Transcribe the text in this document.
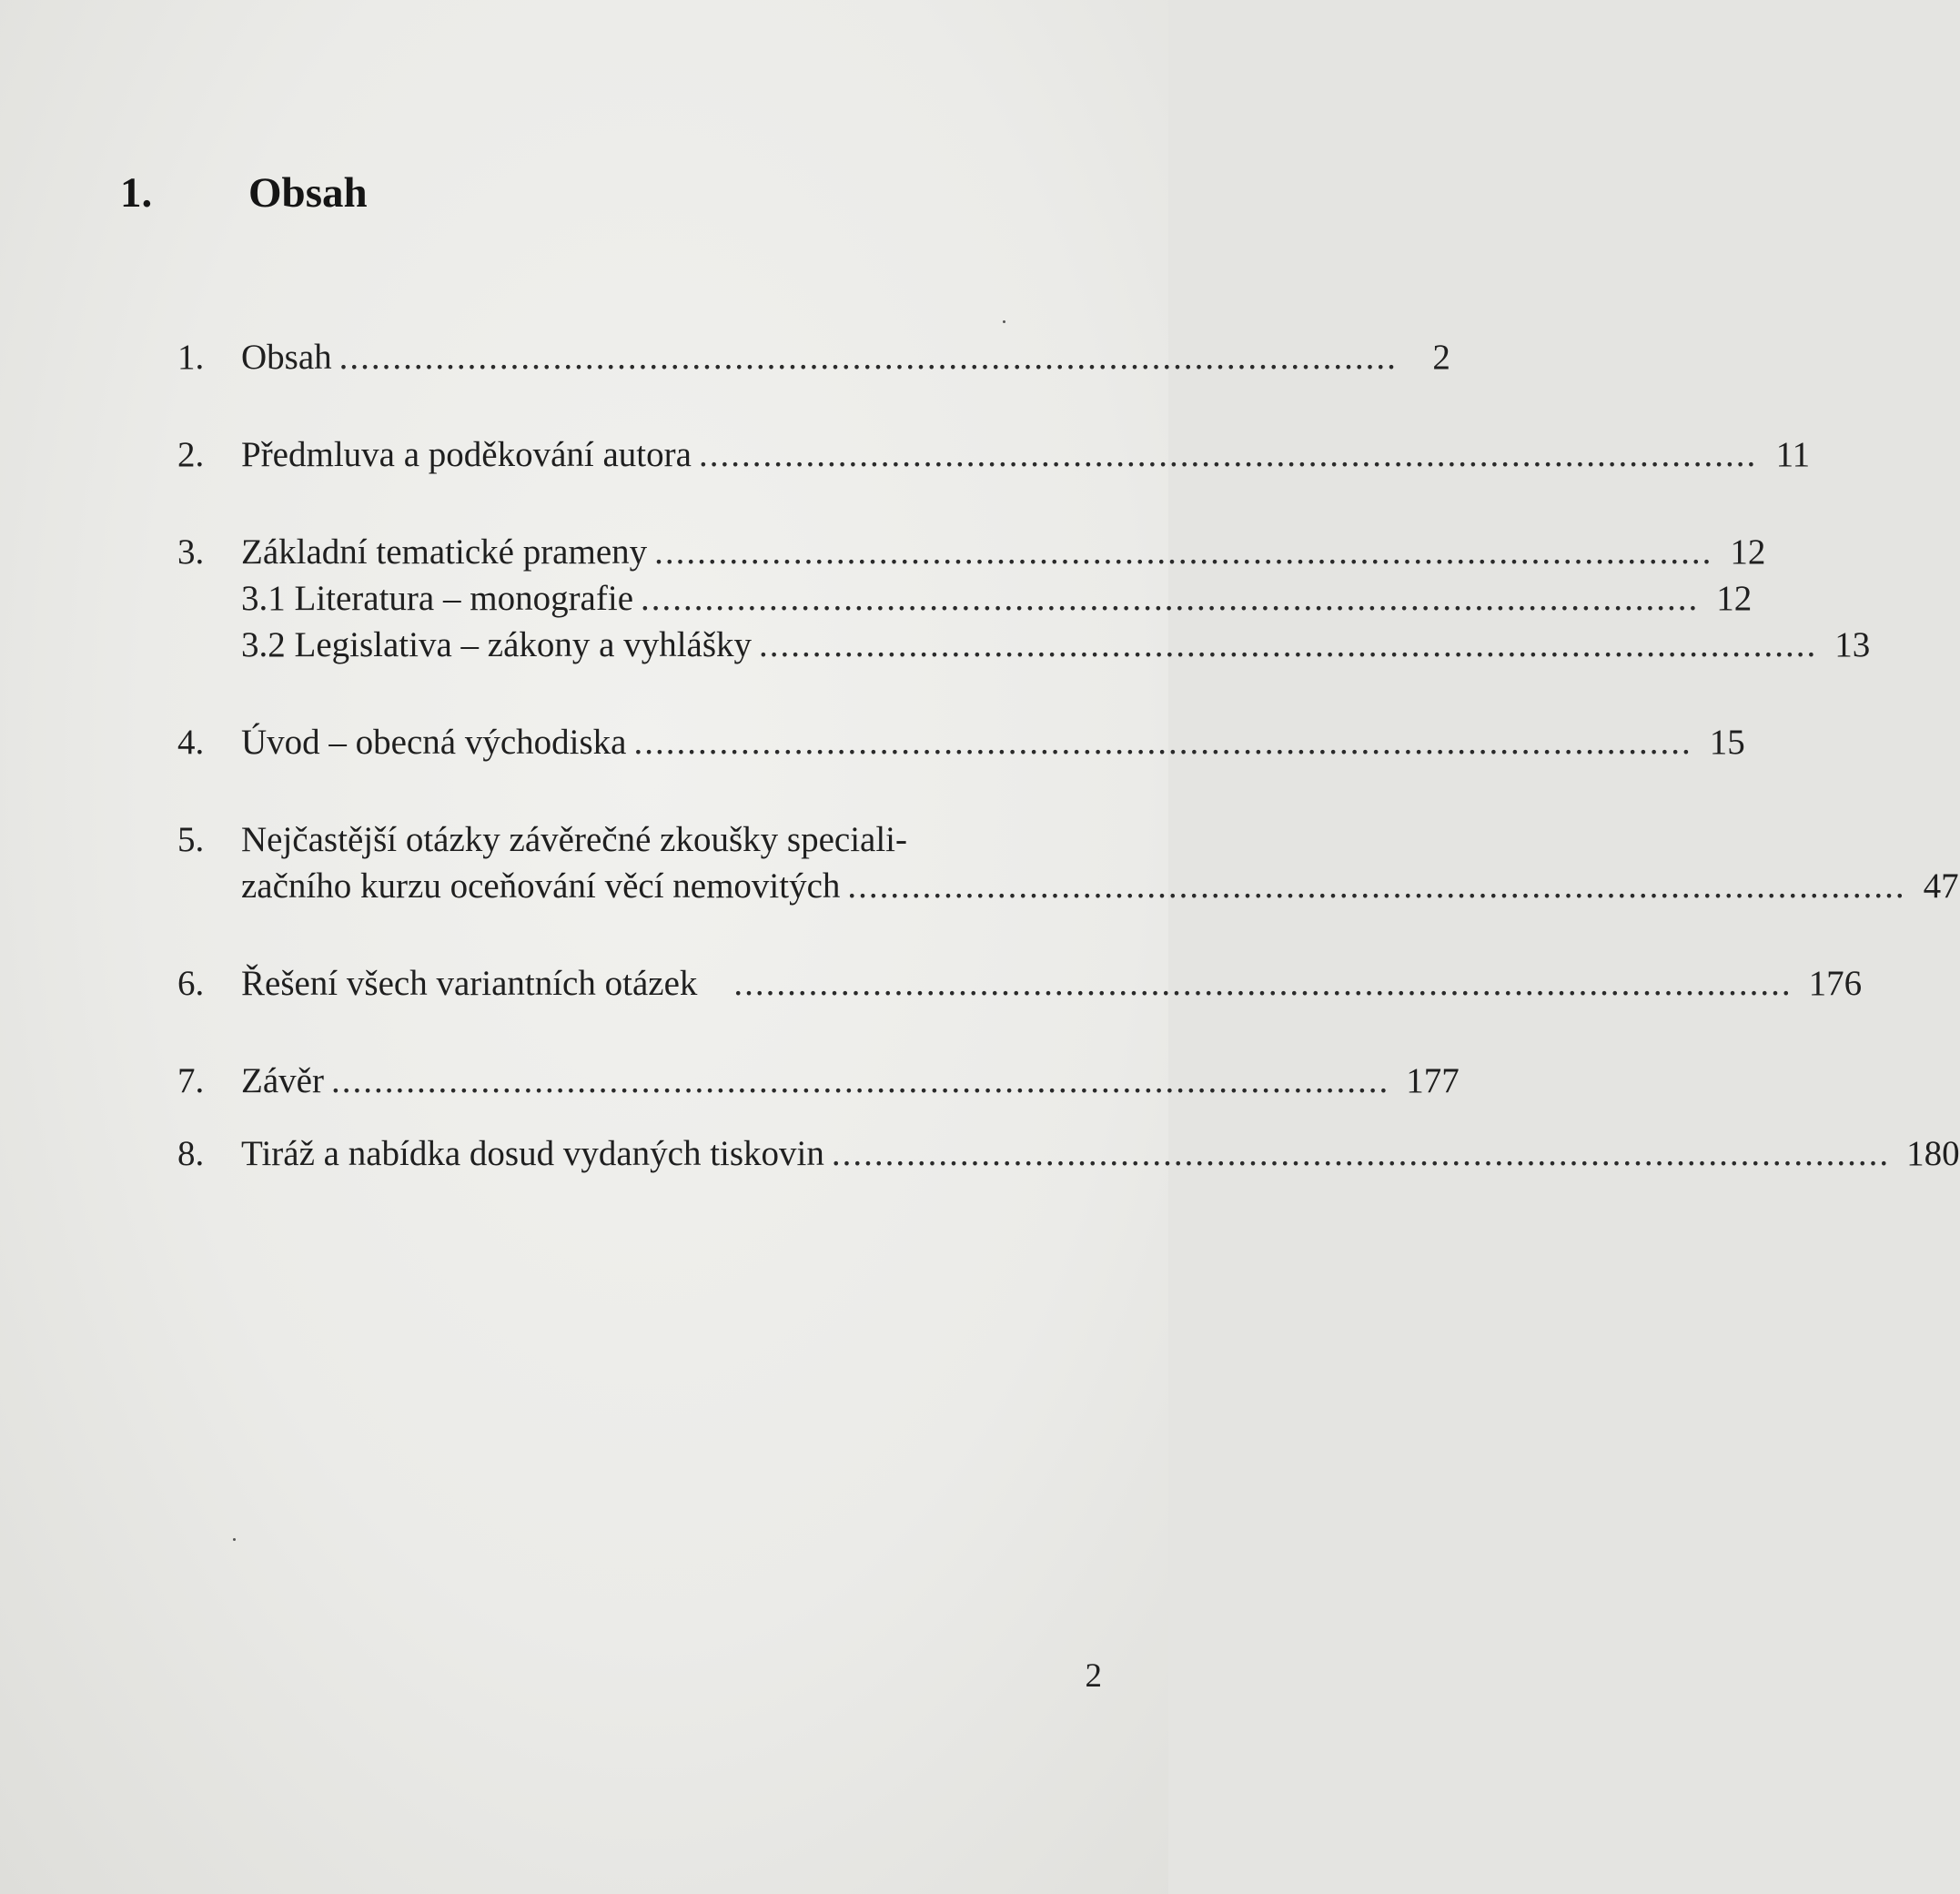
1. Obsah
1.	Obsah ................................................................................................... 2
2.	Předmluva a poděkování autora ................................................................................................... 11
3.	Základní tematické prameny ................................................................................................... 12
3.1 Literatura – monografie ................................................................................................... 12
3.2 Legislativa – zákony a vyhlášky ................................................................................................... 13
4.	Úvod – obecná východiska ................................................................................................... 15
5.	Nejčastější otázky závěrečné zkoušky speciali-
začního kurzu oceňování věcí nemovitých ................................................................................................... 47
6.	Řešení všech variantních otázek ................................................................................................... 176
7.	Závěr ................................................................................................... 177
8.	Tiráž a nabídka dosud vydaných tiskovin ................................................................................................... 180
2
